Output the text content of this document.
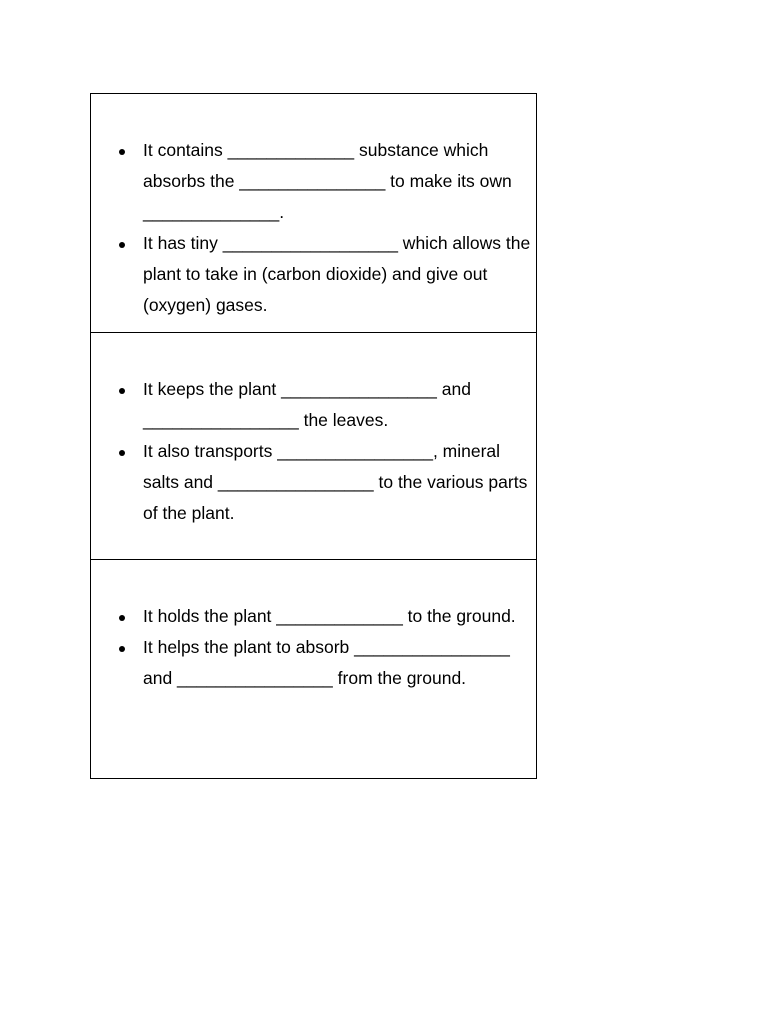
It contains _____________ substance which absorbs the _______________ to make its own ______________.
It has tiny __________________ which allows the plant to take in (carbon dioxide) and give out (oxygen) gases.
It keeps the plant ________________ and ________________ the leaves.
It also transports ________________, mineral salts and ________________ to the various parts of the plant.
It holds the plant _____________ to the ground.
It helps the plant to absorb ________________ and ________________ from the ground.
